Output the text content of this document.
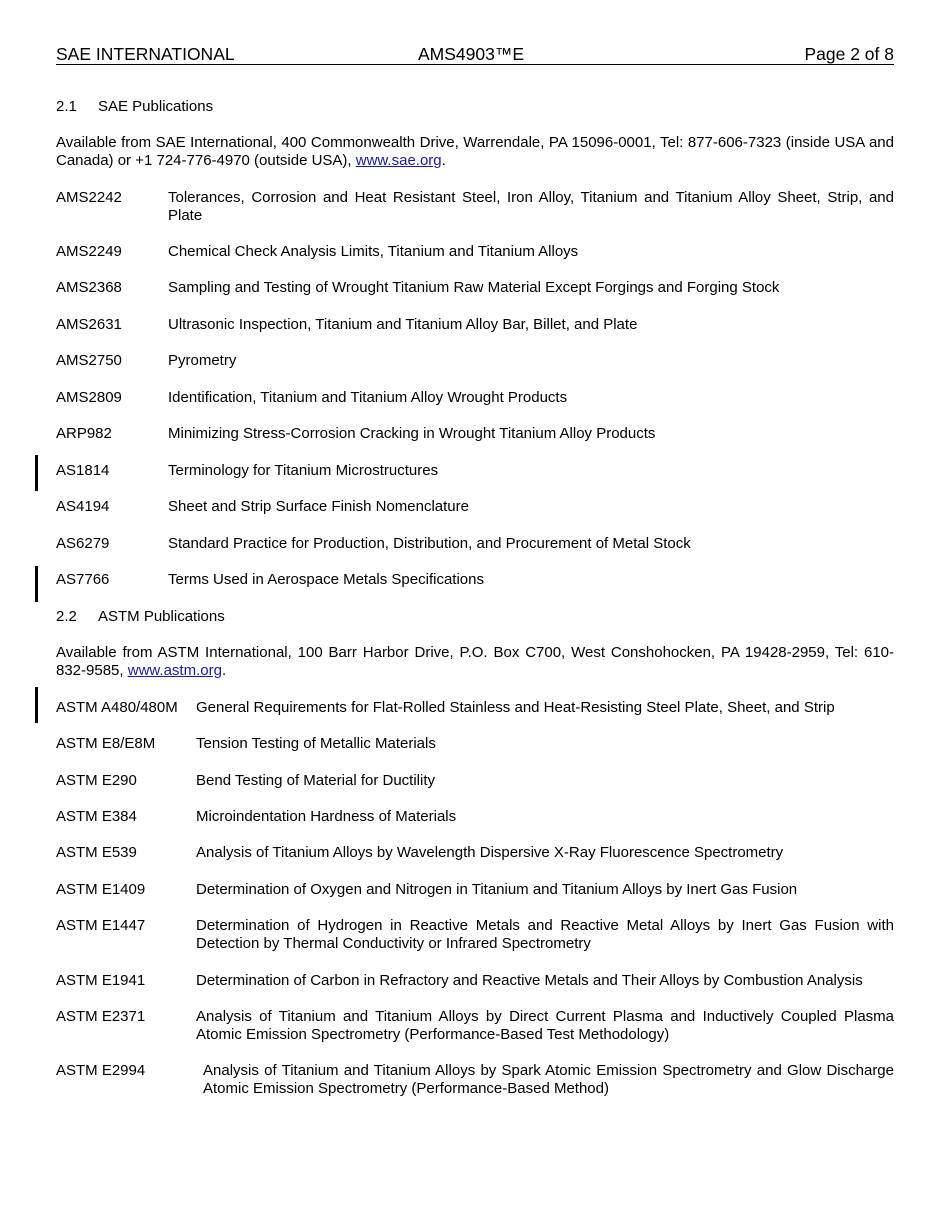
SAE INTERNATIONAL	AMS4903™E	Page 2 of 8
2.1 SAE Publications
Available from SAE International, 400 Commonwealth Drive, Warrendale, PA 15096-0001, Tel: 877-606-7323 (inside USA and Canada) or +1 724-776-4970 (outside USA), www.sae.org.
AMS2242	Tolerances, Corrosion and Heat Resistant Steel, Iron Alloy, Titanium and Titanium Alloy Sheet, Strip, and Plate
AMS2249	Chemical Check Analysis Limits, Titanium and Titanium Alloys
AMS2368	Sampling and Testing of Wrought Titanium Raw Material Except Forgings and Forging Stock
AMS2631	Ultrasonic Inspection, Titanium and Titanium Alloy Bar, Billet, and Plate
AMS2750	Pyrometry
AMS2809	Identification, Titanium and Titanium Alloy Wrought Products
ARP982	Minimizing Stress-Corrosion Cracking in Wrought Titanium Alloy Products
AS1814	Terminology for Titanium Microstructures
AS4194	Sheet and Strip Surface Finish Nomenclature
AS6279	Standard Practice for Production, Distribution, and Procurement of Metal Stock
AS7766	Terms Used in Aerospace Metals Specifications
2.2 ASTM Publications
Available from ASTM International, 100 Barr Harbor Drive, P.O. Box C700, West Conshohocken, PA 19428-2959, Tel: 610-832-9585, www.astm.org.
ASTM A480/480M General Requirements for Flat-Rolled Stainless and Heat-Resisting Steel Plate, Sheet, and Strip
ASTM E8/E8M	Tension Testing of Metallic Materials
ASTM E290	Bend Testing of Material for Ductility
ASTM E384	Microindentation Hardness of Materials
ASTM E539	Analysis of Titanium Alloys by Wavelength Dispersive X-Ray Fluorescence Spectrometry
ASTM E1409	Determination of Oxygen and Nitrogen in Titanium and Titanium Alloys by Inert Gas Fusion
ASTM E1447	Determination of Hydrogen in Reactive Metals and Reactive Metal Alloys by Inert Gas Fusion with Detection by Thermal Conductivity or Infrared Spectrometry
ASTM E1941	Determination of Carbon in Refractory and Reactive Metals and Their Alloys by Combustion Analysis
ASTM E2371	Analysis of Titanium and Titanium Alloys by Direct Current Plasma and Inductively Coupled Plasma Atomic Emission Spectrometry (Performance-Based Test Methodology)
ASTM E2994	Analysis of Titanium and Titanium Alloys by Spark Atomic Emission Spectrometry and Glow Discharge Atomic Emission Spectrometry (Performance-Based Method)
